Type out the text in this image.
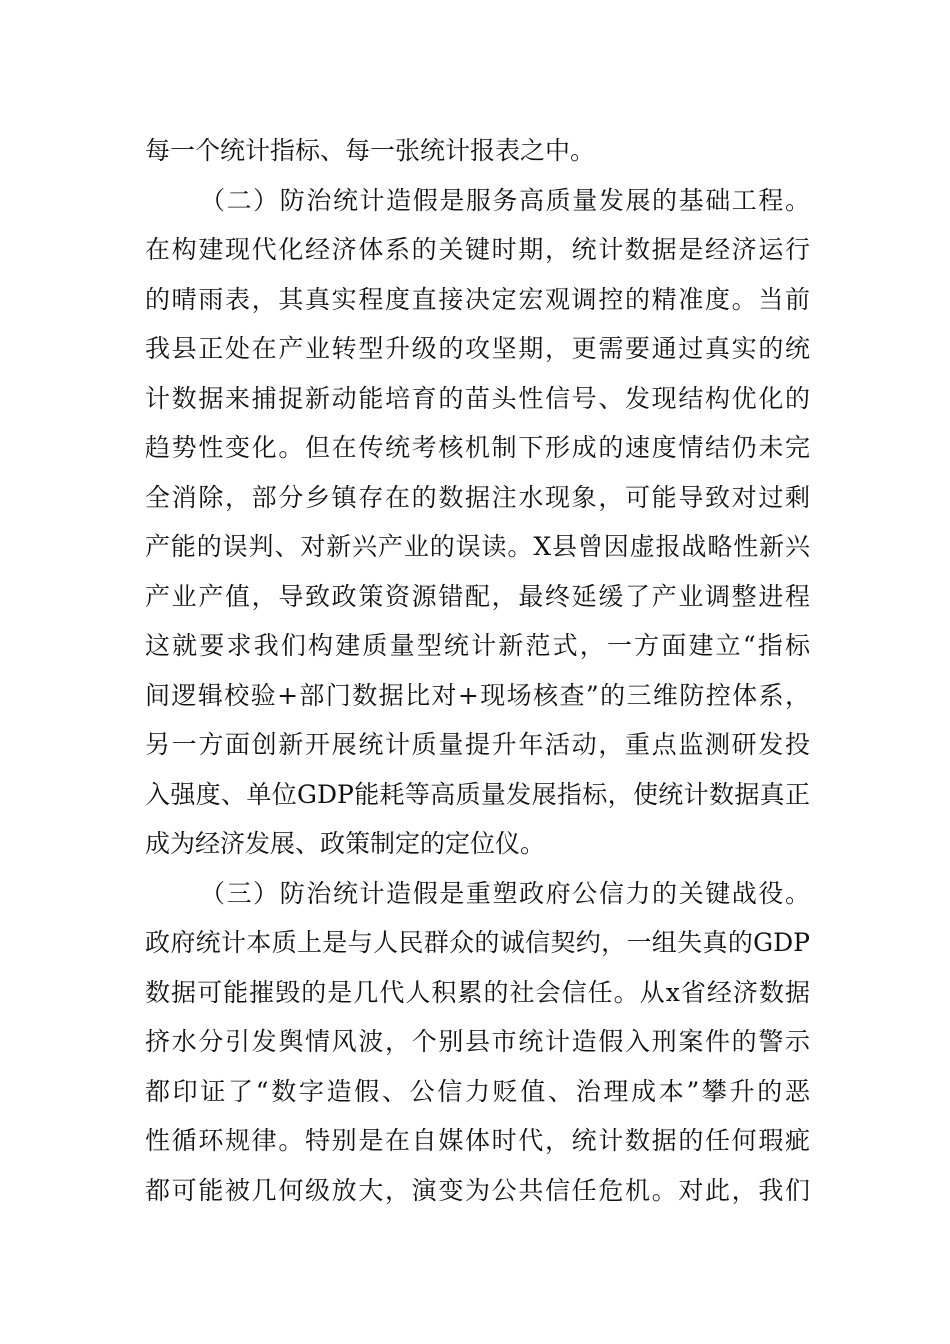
每一个统计指标、每一张统计报表之中。
（二）防治统计造假是服务高质量发展的基础工程。
在构建现代化经济体系的关键时期，统计数据是经济运行
的晴雨表，其真实程度直接决定宏观调控的精准度。当前
我县正处在产业转型升级的攻坚期，更需要通过真实的统
计数据来捕捉新动能培育的苗头性信号、发现结构优化的
趋势性变化。但在传统考核机制下形成的速度情结仍未完
全消除，部分乡镇存在的数据注水现象，可能导致对过剩
产能的误判、对新兴产业的误读。X县曾因虚报战略性新兴
产业产值，导致政策资源错配，最终延缓了产业调整进程
这就要求我们构建质量型统计新范式，一方面建立“指标
间逻辑校验+部门数据比对+现场核查”的三维防控体系，
另一方面创新开展统计质量提升年活动，重点监测研发投
入强度、单位GDP能耗等高质量发展指标，使统计数据真正
成为经济发展、政策制定的定位仪。
（三）防治统计造假是重塑政府公信力的关键战役。
政府统计本质上是与人民群众的诚信契约，一组失真的GDP
数据可能摧毁的是几代人积累的社会信任。从x省经济数据
挤水分引发舆情风波，个别县市统计造假入刑案件的警示
都印证了“数字造假、公信力贬值、治理成本”攀升的恶
性循环规律。特别是在自媒体时代，统计数据的任何瑕疵
都可能被几何级放大，演变为公共信任危机。对此，我们
